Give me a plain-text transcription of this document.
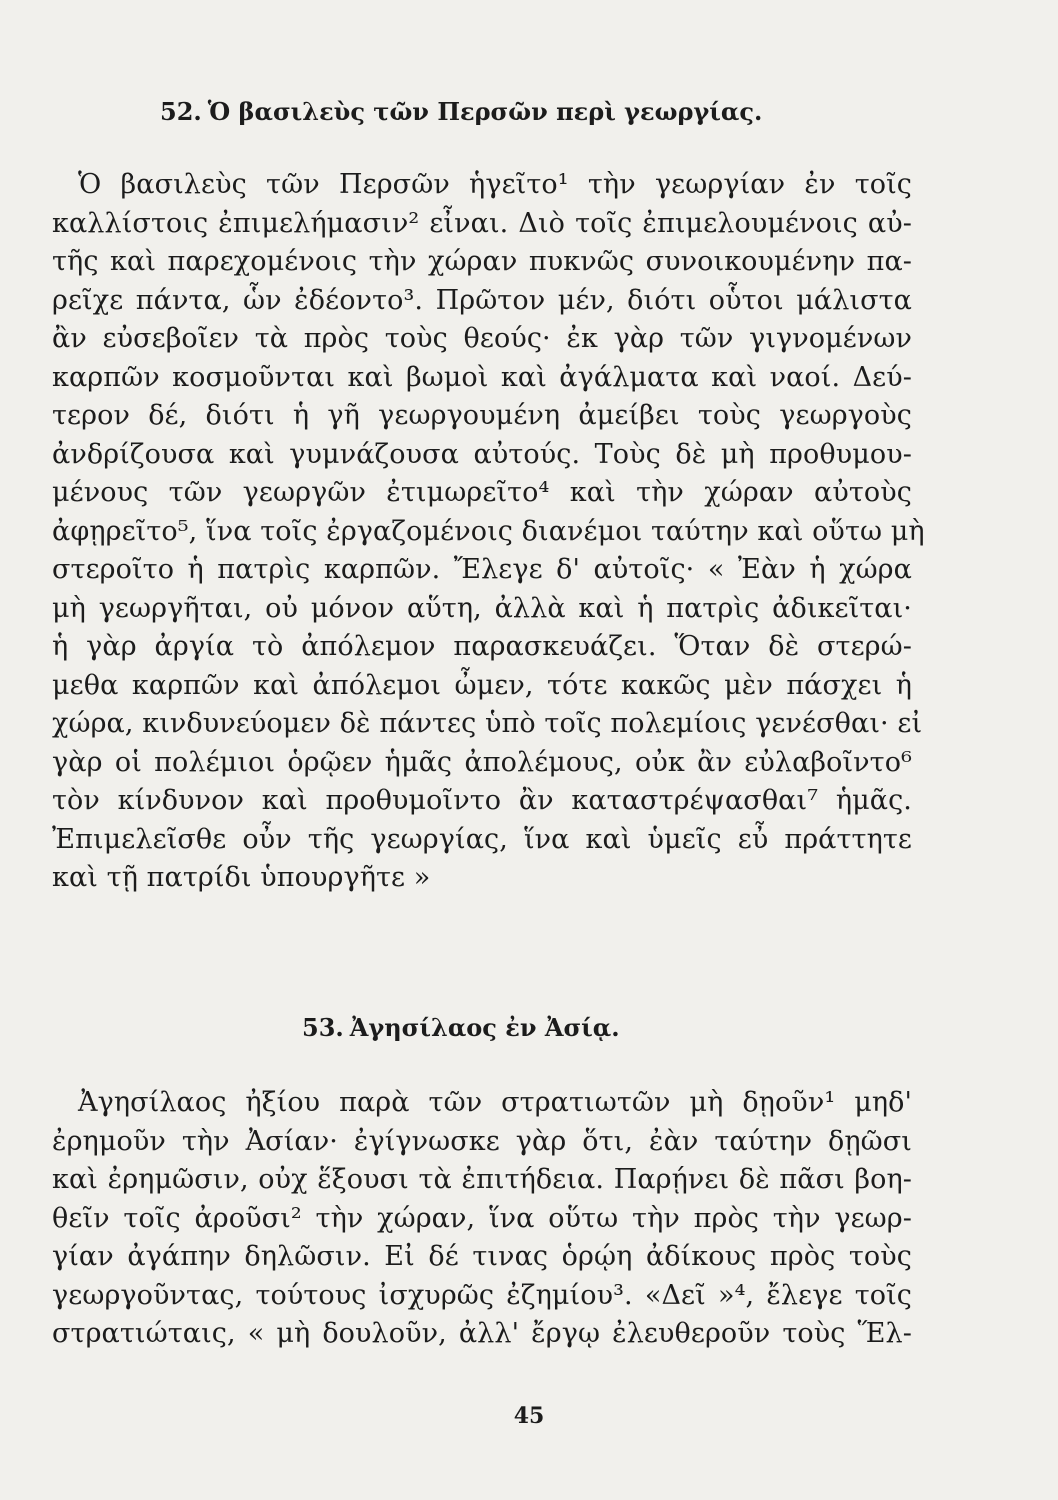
52. Ὁ βασιλεὺς τῶν Περσῶν περὶ γεωργίας.
Ὁ βασιλεὺς τῶν Περσῶν ἡγεῖτο¹ τὴν γεωργίαν ἐν τοῖς
καλλίστοις ἐπιμελήμασιν² εἶναι. Διὸ τοῖς ἐπιμελουμένοις αὐ-
τῆς καὶ παρεχομένοις τὴν χώραν πυκνῶς συνοικουμένην πα-
ρεῖχε πάντα, ὧν ἐδέοντο³. Πρῶτον μέν, διότι οὗτοι μάλιστα
ἂν εὐσεβοῖεν τὰ πρὸς τοὺς θεούς· ἐκ γὰρ τῶν γιγνομένων
καρπῶν κοσμοῦνται καὶ βωμοὶ καὶ ἀγάλματα καὶ ναοί. Δεύ-
τερον δέ, διότι ἡ γῆ γεωργουμένη ἀμείβει τοὺς γεωργοὺς
ἀνδρίζουσα καὶ γυμνάζουσα αὐτούς. Τοὺς δὲ μὴ προθυμου-
μένους τῶν γεωργῶν ἐτιμωρεῖτο⁴ καὶ τὴν χώραν αὐτοὺς
ἀφῃρεῖτο⁵, ἵνα τοῖς ἐργαζομένοις διανέμοι ταύτην καὶ οὕτω μὴ
στεροῖτο ἡ πατρὶς καρπῶν. Ἔλεγε δ' αὐτοῖς· « Ἐὰν ἡ χώρα
μὴ γεωργῆται, οὐ μόνον αὕτη, ἀλλὰ καὶ ἡ πατρὶς ἀδικεῖται·
ἡ γὰρ ἀργία τὸ ἀπόλεμον παρασκευάζει. Ὅταν δὲ στερώ-
μεθα καρπῶν καὶ ἀπόλεμοι ὦμεν, τότε κακῶς μὲν πάσχει ἡ
χώρα, κινδυνεύομεν δὲ πάντες ὑπὸ τοῖς πολεμίοις γενέσθαι· εἰ
γὰρ οἱ πολέμιοι ὁρῷεν ἡμᾶς ἀπολέμους, οὐκ ἂν εὐλαβοῖντο⁶
τὸν κίνδυνον καὶ προθυμοῖντο ἂν καταστρέψασθαι⁷ ἡμᾶς.
Ἐπιμελεῖσθε οὖν τῆς γεωργίας, ἵνα καὶ ὑμεῖς εὖ πράττητε
καὶ τῇ πατρίδι ὑπουργῆτε »
53. Ἀγησίλαος ἐν Ἀσίᾳ.
Ἀγησίλαος ἠξίου παρὰ τῶν στρατιωτῶν μὴ δῃοῦν¹ μηδ'
ἐρημοῦν τὴν Ἀσίαν· ἐγίγνωσκε γὰρ ὅτι, ἐὰν ταύτην δῃῶσι
καὶ ἐρημῶσιν, οὐχ ἕξουσι τὰ ἐπιτήδεια. Παρῄνει δὲ πᾶσι βοη-
θεῖν τοῖς ἀροῦσι² τὴν χώραν, ἵνα οὕτω τὴν πρὸς τὴν γεωρ-
γίαν ἀγάπην δηλῶσιν. Εἰ δέ τινας ὁρῴη ἀδίκους πρὸς τοὺς
γεωργοῦντας, τούτους ἰσχυρῶς ἐζημίου³. «Δεῖ »⁴, ἔλεγε τοῖς
στρατιώταις, « μὴ δουλοῦν, ἀλλ' ἔργῳ ἐλευθεροῦν τοὺς Ἕλ-
45
